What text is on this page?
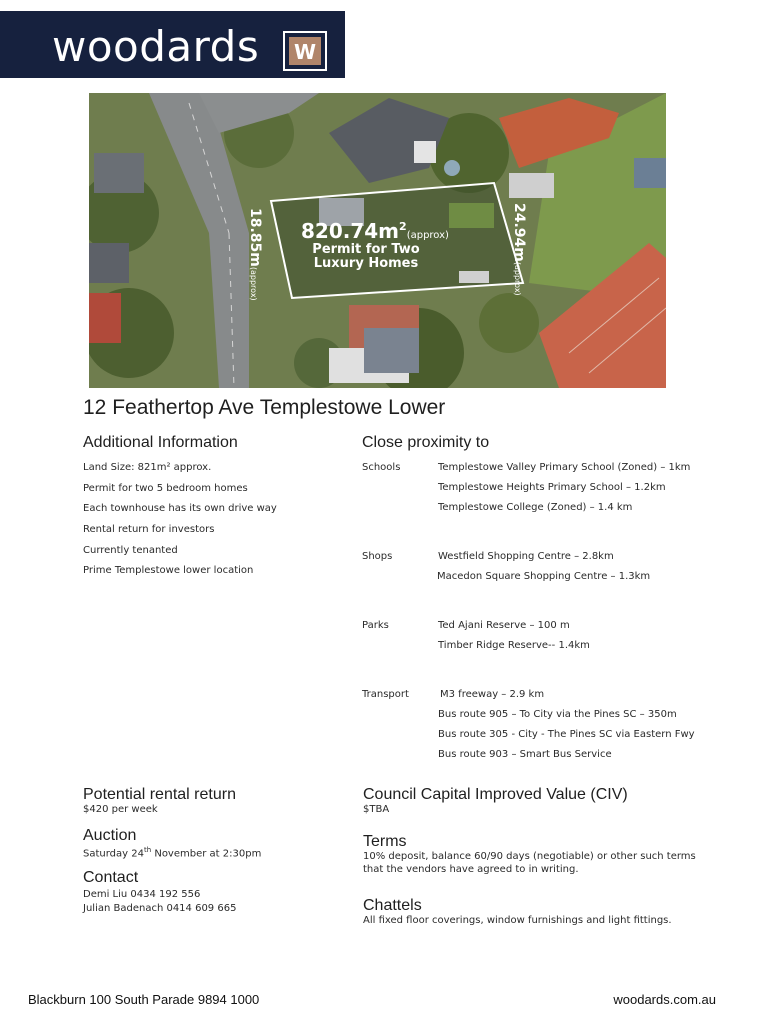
woodards W
$820.74m^2_{(approx)}$
Permit for Two
Luxury Homes
18.85m(approx)
24.94m(approx)
12 Feathertop Ave Templestowe Lower
Additional Information
Land Size: 821m² approx.
Permit for two 5 bedroom homes
Each townhouse has its own drive way
Rental return for investors
Currently tenanted
Prime Templestowe lower location
Close proximity to
Schools	Templestowe Valley Primary School (Zoned) – 1km
Templestowe Heights Primary School – 1.2km
Templestowe College (Zoned) – 1.4 km
Shops	Westfield Shopping Centre – 2.8km
Macedon Square Shopping Centre – 1.3km
Parks	Ted Ajani Reserve – 100 m
Timber Ridge Reserve-- 1.4km
Transport	M3 freeway – 2.9 km
Bus route 905 – To City via the Pines SC – 350m
Bus route 305 - City - The Pines SC via Eastern Fwy
Bus route 903 – Smart Bus Service
Potential rental return
$420 per week
Auction
Saturday 24th November at 2:30pm
Contact
Demi Liu 0434 192 556
Julian Badenach 0414 609 665
Council Capital Improved Value (CIV)
$TBA
Terms
10% deposit, balance 60/90 days (negotiable) or other such terms
that the vendors have agreed to in writing.
Chattels
All fixed floor coverings, window furnishings and light fittings.
Blackburn 100 South Parade 9894 1000	woodards.com.au
